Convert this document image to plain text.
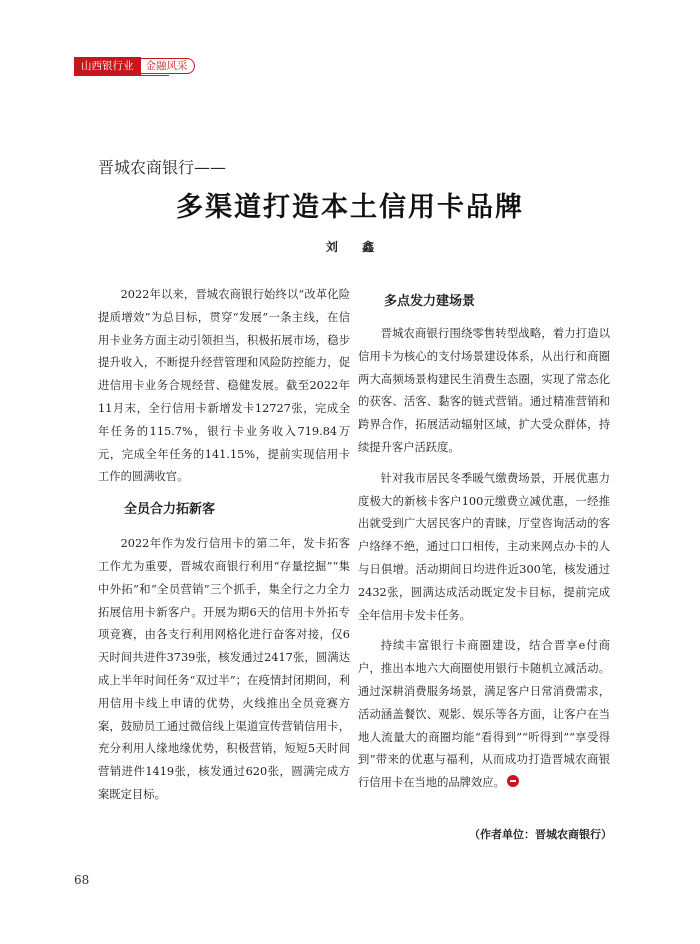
山西银行业	金融风采
晋城农商银行——
多渠道打造本土信用卡品牌
刘 鑫

2022年以来，晋城农商银行始终以“改革化险提质增效”为总目标，贯穿“发展”一条主线，在信用卡业务方面主动引领担当，积极拓展市场，稳步提升收入，不断提升经营管理和风险防控能力，促进信用卡业务合规经营、稳健发展。截至2022年11月末，全行信用卡新增发卡12727张，完成全年任务的115.7%，银行卡业务收入719.84万元，完成全年任务的141.15%，提前实现信用卡工作的圆满收官。

全员合力拓新客

2022年作为发行信用卡的第二年，发卡拓客工作尤为重要，晋城农商银行利用“存量挖掘”“集中外拓”和“全员营销”三个抓手，集全行之力全力拓展信用卡新客户。开展为期6天的信用卡外拓专项竞赛，由各支行利用网格化进行奋客对接，仅6天时间共进件3739张，核发通过2417张，圆满达成上半年时间任务“双过半”；在疫情封闭期间，利用信用卡线上申请的优势，火线推出全员竞赛方案，鼓励员工通过微信线上渠道宣传营销信用卡，充分利用人缘地缘优势，积极营销，短短5天时间营销进件1419张，核发通过620张，圆满完成方案既定目标。

多点发力建场景

晋城农商银行围绕零售转型战略，着力打造以信用卡为核心的支付场景建设体系，从出行和商圈两大高频场景构建民生消费生态圈，实现了常态化的获客、活客、黏客的链式营销。通过精准营销和跨界合作，拓展活动辐射区域，扩大受众群体，持续提升客户活跃度。

针对我市居民冬季暖气缴费场景，开展优惠力度极大的新核卡客户100元缴费立减优惠，一经推出就受到广大居民客户的青睐，厅堂咨询活动的客户络绎不绝，通过口口相传，主动来网点办卡的人与日俱增。活动期间日均进件近300笔，核发通过2432张，圆满达成活动既定发卡目标，提前完成全年信用卡发卡任务。

持续丰富银行卡商圈建设，结合晋享e付商户，推出本地六大商圈使用银行卡随机立减活动。通过深耕消费服务场景，满足客户日常消费需求，活动涵盖餐饮、观影、娱乐等各方面，让客户在当地人流量大的商圈均能“看得到”“听得到”“享受得到”带来的优惠与福利，从而成功打造晋城农商银行信用卡在当地的品牌效应。

（作者单位：晋城农商银行）
68
